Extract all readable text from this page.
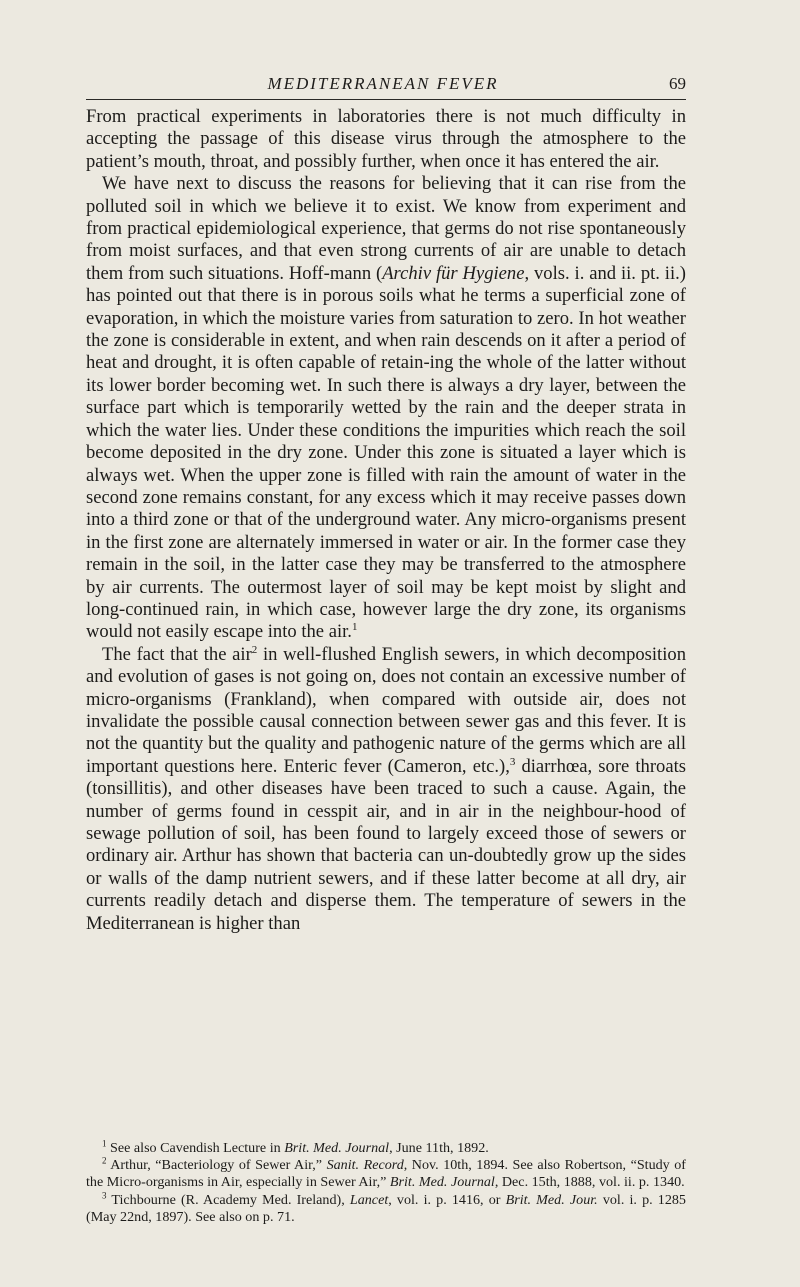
MEDITERRANEAN FEVER	69

From practical experiments in laboratories there is not much difficulty in accepting the passage of this disease virus through the atmosphere to the patient’s mouth, throat, and possibly further, when once it has entered the air.

We have next to discuss the reasons for believing that it can rise from the polluted soil in which we believe it to exist. We know from experiment and from practical epidemiological experience, that germs do not rise spontaneously from moist surfaces, and that even strong currents of air are unable to detach them from such situations. Hoff-mann (Archiv für Hygiene, vols. i. and ii. pt. ii.) has pointed out that there is in porous soils what he terms a superficial zone of evaporation, in which the moisture varies from saturation to zero. In hot weather the zone is considerable in extent, and when rain descends on it after a period of heat and drought, it is often capable of retain-ing the whole of the latter without its lower border becoming wet. In such there is always a dry layer, between the surface part which is temporarily wetted by the rain and the deeper strata in which the water lies. Under these conditions the impurities which reach the soil become deposited in the dry zone. Under this zone is situated a layer which is always wet. When the upper zone is filled with rain the amount of water in the second zone remains constant, for any excess which it may receive passes down into a third zone or that of the underground water. Any micro-organisms present in the first zone are alternately immersed in water or air. In the former case they remain in the soil, in the latter case they may be transferred to the atmosphere by air currents. The outermost layer of soil may be kept moist by slight and long-continued rain, in which case, however large the dry zone, its organisms would not easily escape into the air.$^1$

The fact that the air$^2$ in well-flushed English sewers, in which decomposition and evolution of gases is not going on, does not contain an excessive number of micro-organisms (Frankland), when compared with outside air, does not invalidate the possible causal connection between sewer gas and this fever. It is not the quantity but the quality and pathogenic nature of the germs which are all important questions here. Enteric fever (Cameron, etc.),$^3$ diarrhœa, sore throats (tonsillitis), and other diseases have been traced to such a cause. Again, the number of germs found in cesspit air, and in air in the neighbour-hood of sewage pollution of soil, has been found to largely exceed those of sewers or ordinary air. Arthur has shown that bacteria can un-doubtedly grow up the sides or walls of the damp nutrient sewers, and if these latter become at all dry, air currents readily detach and disperse them. The temperature of sewers in the Mediterranean is higher than

$^1$ See also Cavendish Lecture in Brit. Med. Journal, June 11th, 1892.

$^2$ Arthur, “Bacteriology of Sewer Air,” Sanit. Record, Nov. 10th, 1894. See also Robertson, “Study of the Micro-organisms in Air, especially in Sewer Air,” Brit. Med. Journal, Dec. 15th, 1888, vol. ii. p. 1340.

$^3$ Tichbourne (R. Academy Med. Ireland), Lancet, vol. i. p. 1416, or Brit. Med. Jour. vol. i. p. 1285 (May 22nd, 1897). See also on p. 71.
